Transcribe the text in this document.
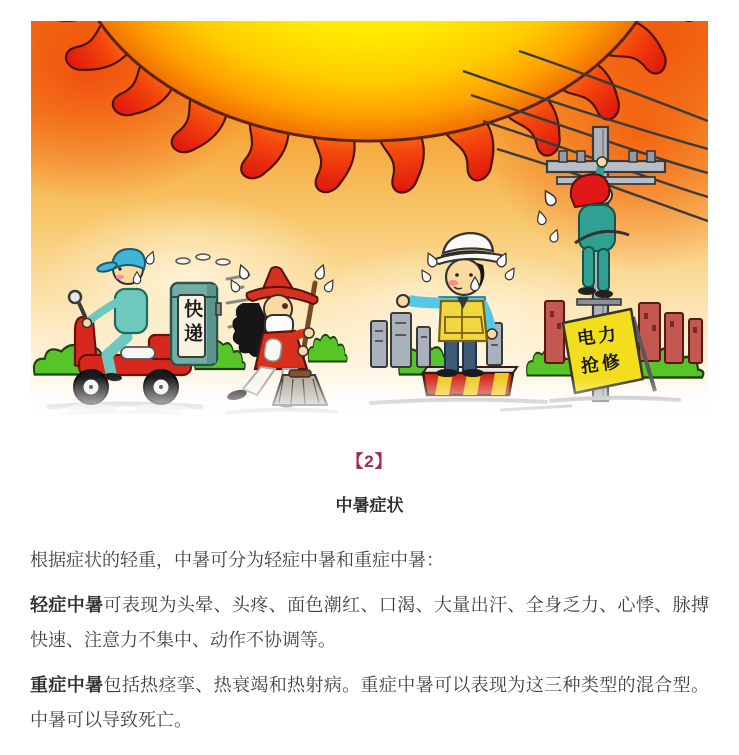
快递	电力抢修
【2】
中暑症状

根据症状的轻重，中暑可分为轻症中暑和重症中暑：

轻症中暑可表现为头晕、头疼、面色潮红、口渴、大量出汗、全身乏力、心悸、脉搏快速、注意力不集中、动作不协调等。

重症中暑包括热痉挛、热衰竭和热射病。重症中暑可以表现为这三种类型的混合型。中暑可以导致死亡。
